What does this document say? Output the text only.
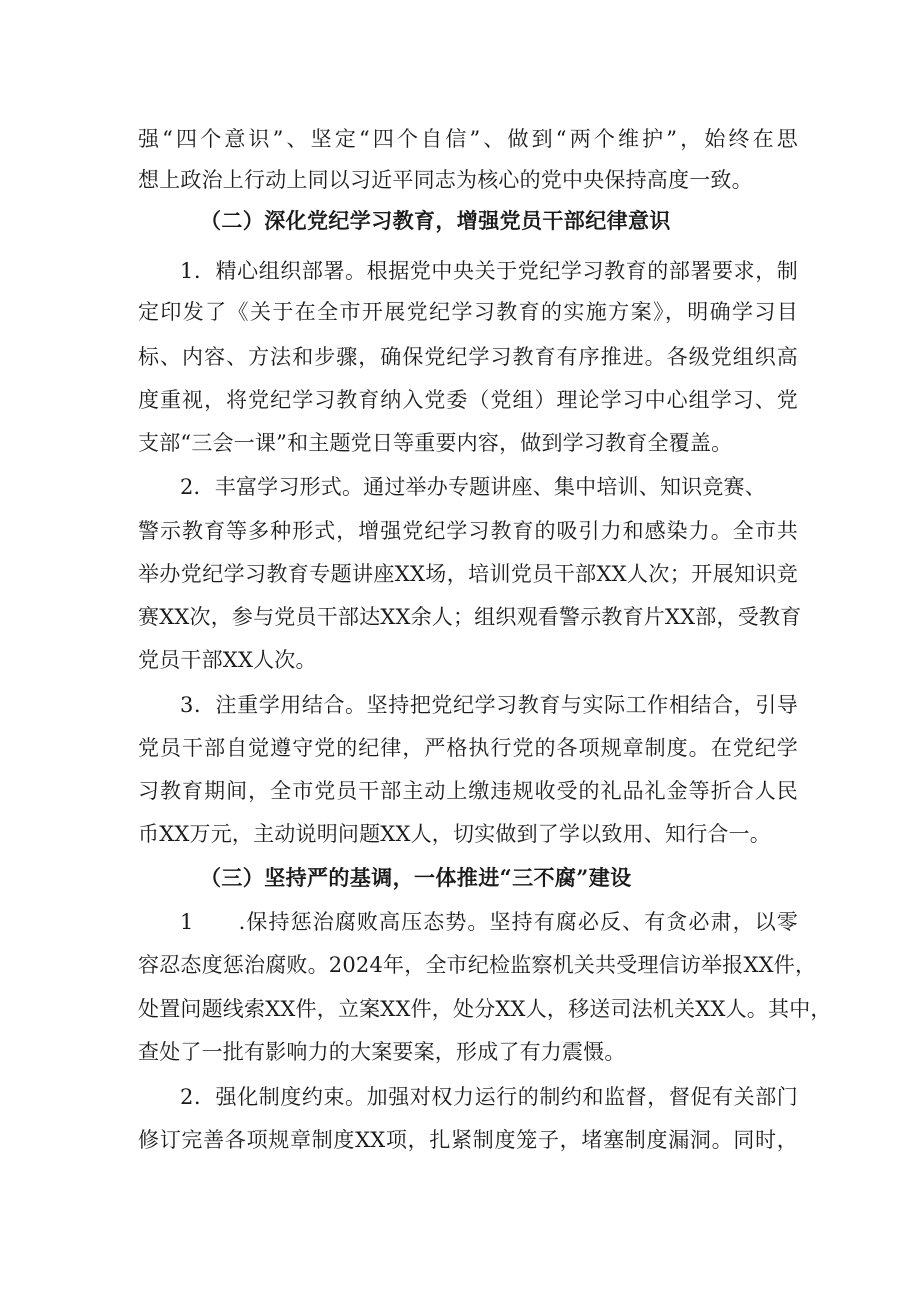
强“四个意识”、坚定“四个自信”、做到“两个维护”，始终在思
想上政治上行动上同以习近平同志为核心的党中央保持高度一致。
（二）深化党纪学习教育，增强党员干部纪律意识
1．精心组织部署。根据党中央关于党纪学习教育的部署要求，制
定印发了《关于在全市开展党纪学习教育的实施方案》，明确学习目
标、内容、方法和步骤，确保党纪学习教育有序推进。各级党组织高
度重视，将党纪学习教育纳入党委（党组）理论学习中心组学习、党
支部“三会一课”和主题党日等重要内容，做到学习教育全覆盖。
2．丰富学习形式。通过举办专题讲座、集中培训、知识竞赛、
警示教育等多种形式，增强党纪学习教育的吸引力和感染力。全市共
举办党纪学习教育专题讲座XX场，培训党员干部XX人次；开展知识竞
赛XX次，参与党员干部达XX余人；组织观看警示教育片XX部，受教育
党员干部XX人次。
3．注重学用结合。坚持把党纪学习教育与实际工作相结合，引导
党员干部自觉遵守党的纪律，严格执行党的各项规章制度。在党纪学
习教育期间，全市党员干部主动上缴违规收受的礼品礼金等折合人民
币XX万元，主动说明问题XX人，切实做到了学以致用、知行合一。
（三）坚持严的基调，一体推进“三不腐”建设
1　　.保持惩治腐败高压态势。坚持有腐必反、有贪必肃，以零
容忍态度惩治腐败。2024年，全市纪检监察机关共受理信访举报XX件，
处置问题线索XX件，立案XX件，处分XX人，移送司法机关XX人。其中，
查处了一批有影响力的大案要案，形成了有力震慑。
2．强化制度约束。加强对权力运行的制约和监督，督促有关部门
修订完善各项规章制度XX项，扎紧制度笼子，堵塞制度漏洞。同时，
